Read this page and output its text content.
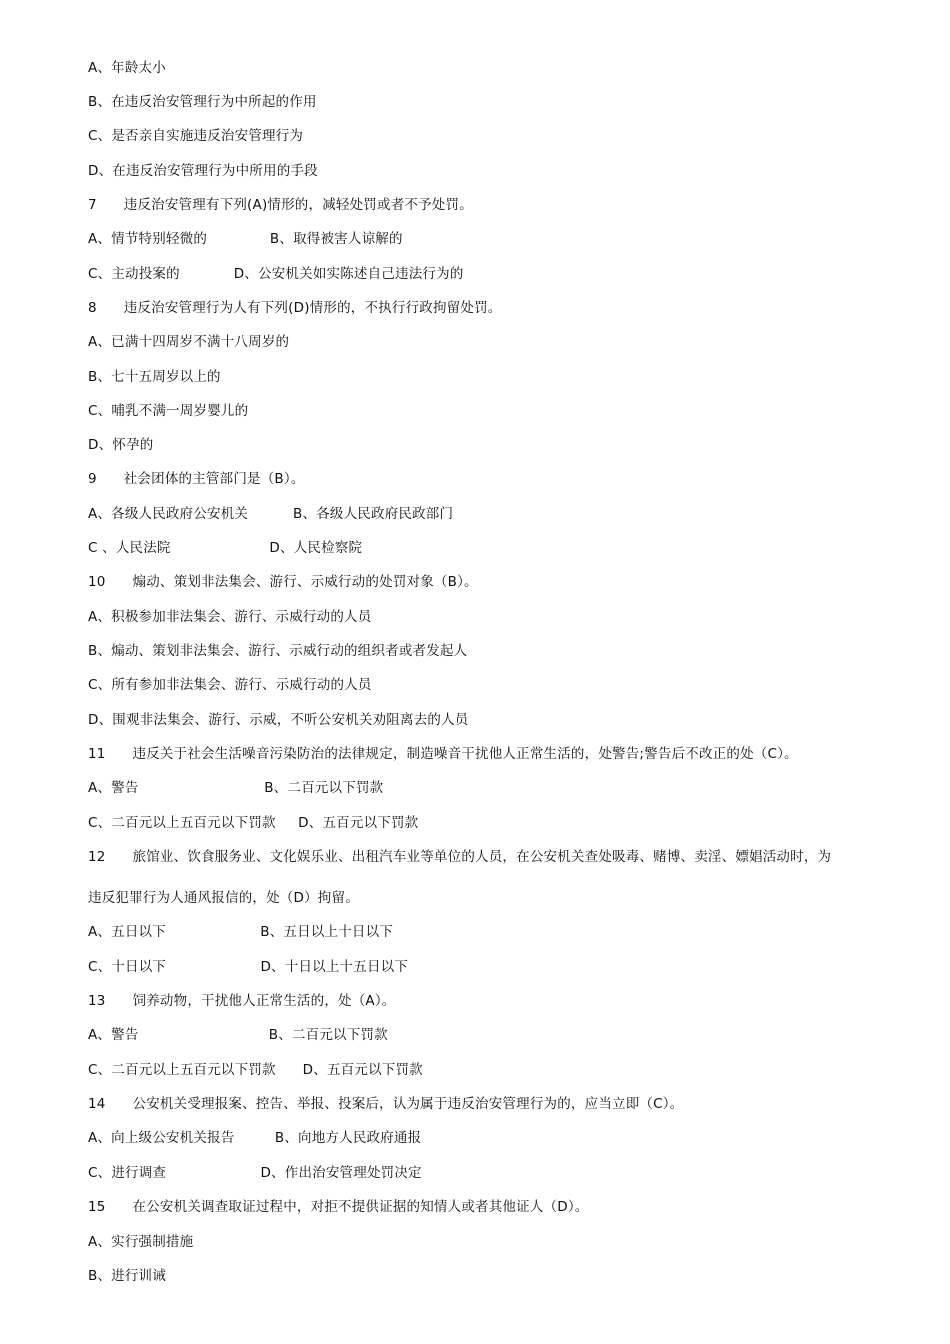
A、年龄太小
B、在违反治安管理行为中所起的作用
C、是否亲自实施违反治安管理行为
D、在违反治安管理行为中所用的手段
7      违反治安管理有下列(A)情形的，减轻处罚或者不予处罚。
A、情节特别轻微的              B、取得被害人谅解的
C、主动投案的            D、公安机关如实陈述自己违法行为的
8      违反治安管理行为人有下列(D)情形的，不执行行政拘留处罚。
A、已满十四周岁不满十八周岁的
B、七十五周岁以上的
C、哺乳不满一周岁婴儿的
D、怀孕的
9      社会团体的主管部门是（B）。
A、各级人民政府公安机关          B、各级人民政府民政部门
C 、人民法院                      D、人民检察院
10      煽动、策划非法集会、游行、示威行动的处罚对象（B）。
A、积极参加非法集会、游行、示威行动的人员
B、煽动、策划非法集会、游行、示威行动的组织者或者发起人
C、所有参加非法集会、游行、示威行动的人员
D、围观非法集会、游行、示威，不听公安机关劝阻离去的人员
11      违反关于社会生活噪音污染防治的法律规定，制造噪音干扰他人正常生活的，处警告;警告后不改正的处（C）。
A、警告                            B、二百元以下罚款
C、二百元以上五百元以下罚款     D、五百元以下罚款
12      旅馆业、饮食服务业、文化娱乐业、出租汽车业等单位的人员，在公安机关查处吸毒、赌博、卖淫、嫖娼活动时，为
违反犯罪行为人通风报信的，处（D）拘留。
A、五日以下                     B、五日以上十日以下
C、十日以下                     D、十日以上十五日以下
13      饲养动物，干扰他人正常生活的，处（A）。
A、警告                             B、二百元以下罚款
C、二百元以上五百元以下罚款      D、五百元以下罚款
14      公安机关受理报案、控告、举报、投案后，认为属于违反治安管理行为的，应当立即（C）。
A、向上级公安机关报告         B、向地方人民政府通报
C、进行调查                     D、作出治安管理处罚决定
15      在公安机关调查取证过程中，对拒不提供证据的知情人或者其他证人（D）。
A、实行强制措施
B、进行训诫
